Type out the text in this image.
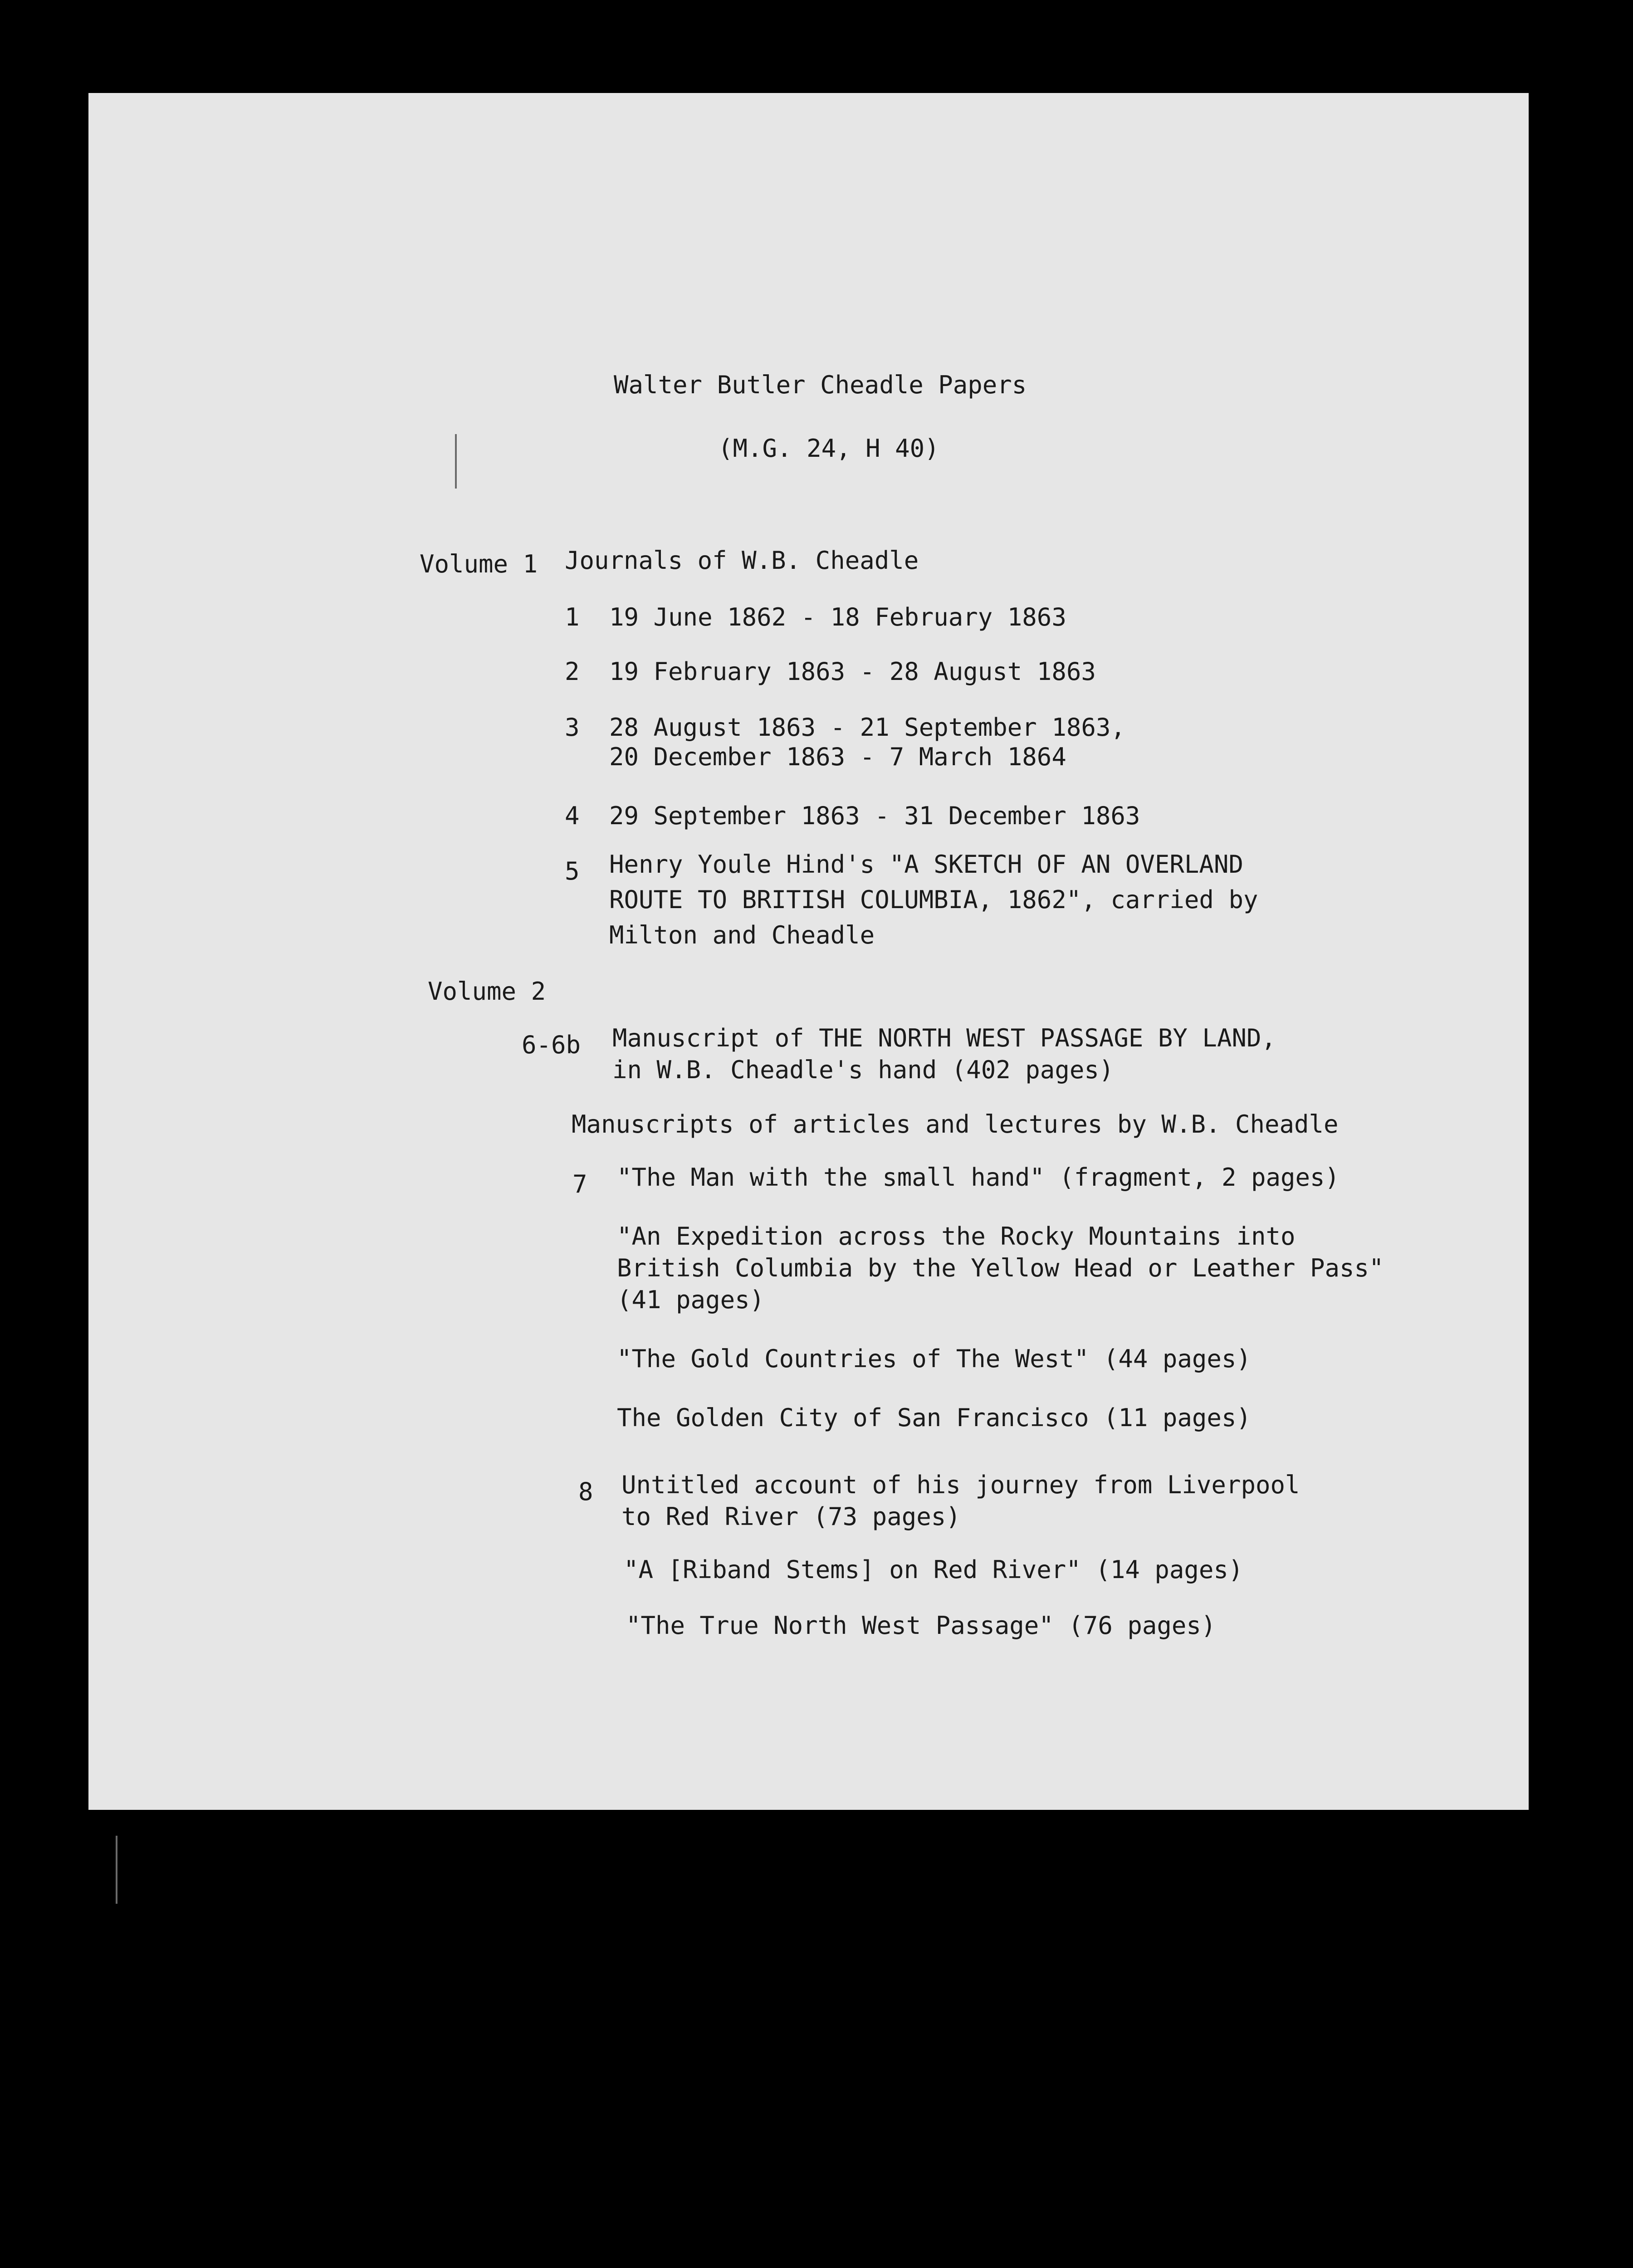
Walter Butler Cheadle Papers
(M.G. 24, H 40)
Volume 1 Journals of W.B. Cheadle
1 19 June 1862 - 18 February 1863
2 19 February 1863 - 28 August 1863
3 28 August 1863 - 21 September 1863,
20 December 1863 - 7 March 1864
4 29 September 1863 - 31 December 1863
5 Henry Youle Hind's "A SKETCH OF AN OVERLAND
ROUTE TO BRITISH COLUMBIA, 1862", carried by
Milton and Cheadle
Volume 2
6-6b Manuscript of THE NORTH WEST PASSAGE BY LAND,
in W.B. Cheadle's hand (402 pages)
Manuscripts of articles and lectures by W.B. Cheadle
7 "The Man with the small hand" (fragment, 2 pages)
"An Expedition across the Rocky Mountains into
British Columbia by the Yellow Head or Leather Pass"
(41 pages)
"The Gold Countries of The West" (44 pages)
The Golden City of San Francisco (11 pages)
8 Untitled account of his journey from Liverpool
to Red River (73 pages)
"A [Riband Stems] on Red River" (14 pages)
"The True North West Passage" (76 pages)
